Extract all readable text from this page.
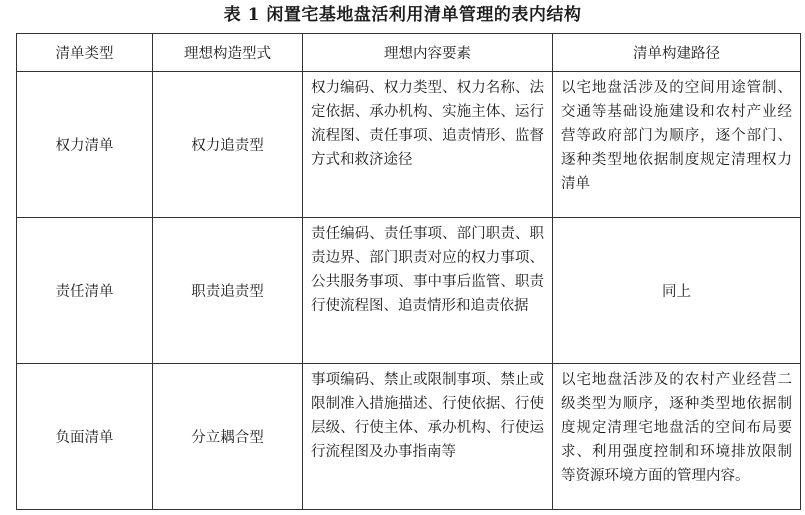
表 1 闲置宅基地盘活利用清单管理的表内结构
清单类型	理想构造型式	理想内容要素	清单构建路径
权力清单	权力追责型	权力编码、权力类型、权力名称、法定依据、承办机构、实施主体、运行流程图、责任事项、追责情形、监督方式和救济途径	以宅地盘活涉及的空间用途管制、交通等基础设施建设和农村产业经营等政府部门为顺序，逐个部门、逐种类型地依据制度规定清理权力清单
责任清单	职责追责型	责任编码、责任事项、部门职责、职责边界、部门职责对应的权力事项、公共服务事项、事中事后监管、职责行使流程图、追责情形和追责依据	同上
负面清单	分立耦合型	事项编码、禁止或限制事项、禁止或限制准入措施描述、行使依据、行使层级、行使主体、承办机构、行使运行流程图及办事指南等	以宅地盘活涉及的农村产业经营二级类型为顺序，逐种类型地依据制度规定清理宅地盘活的空间布局要求、利用强度控制和环境排放限制等资源环境方面的管理内容。
